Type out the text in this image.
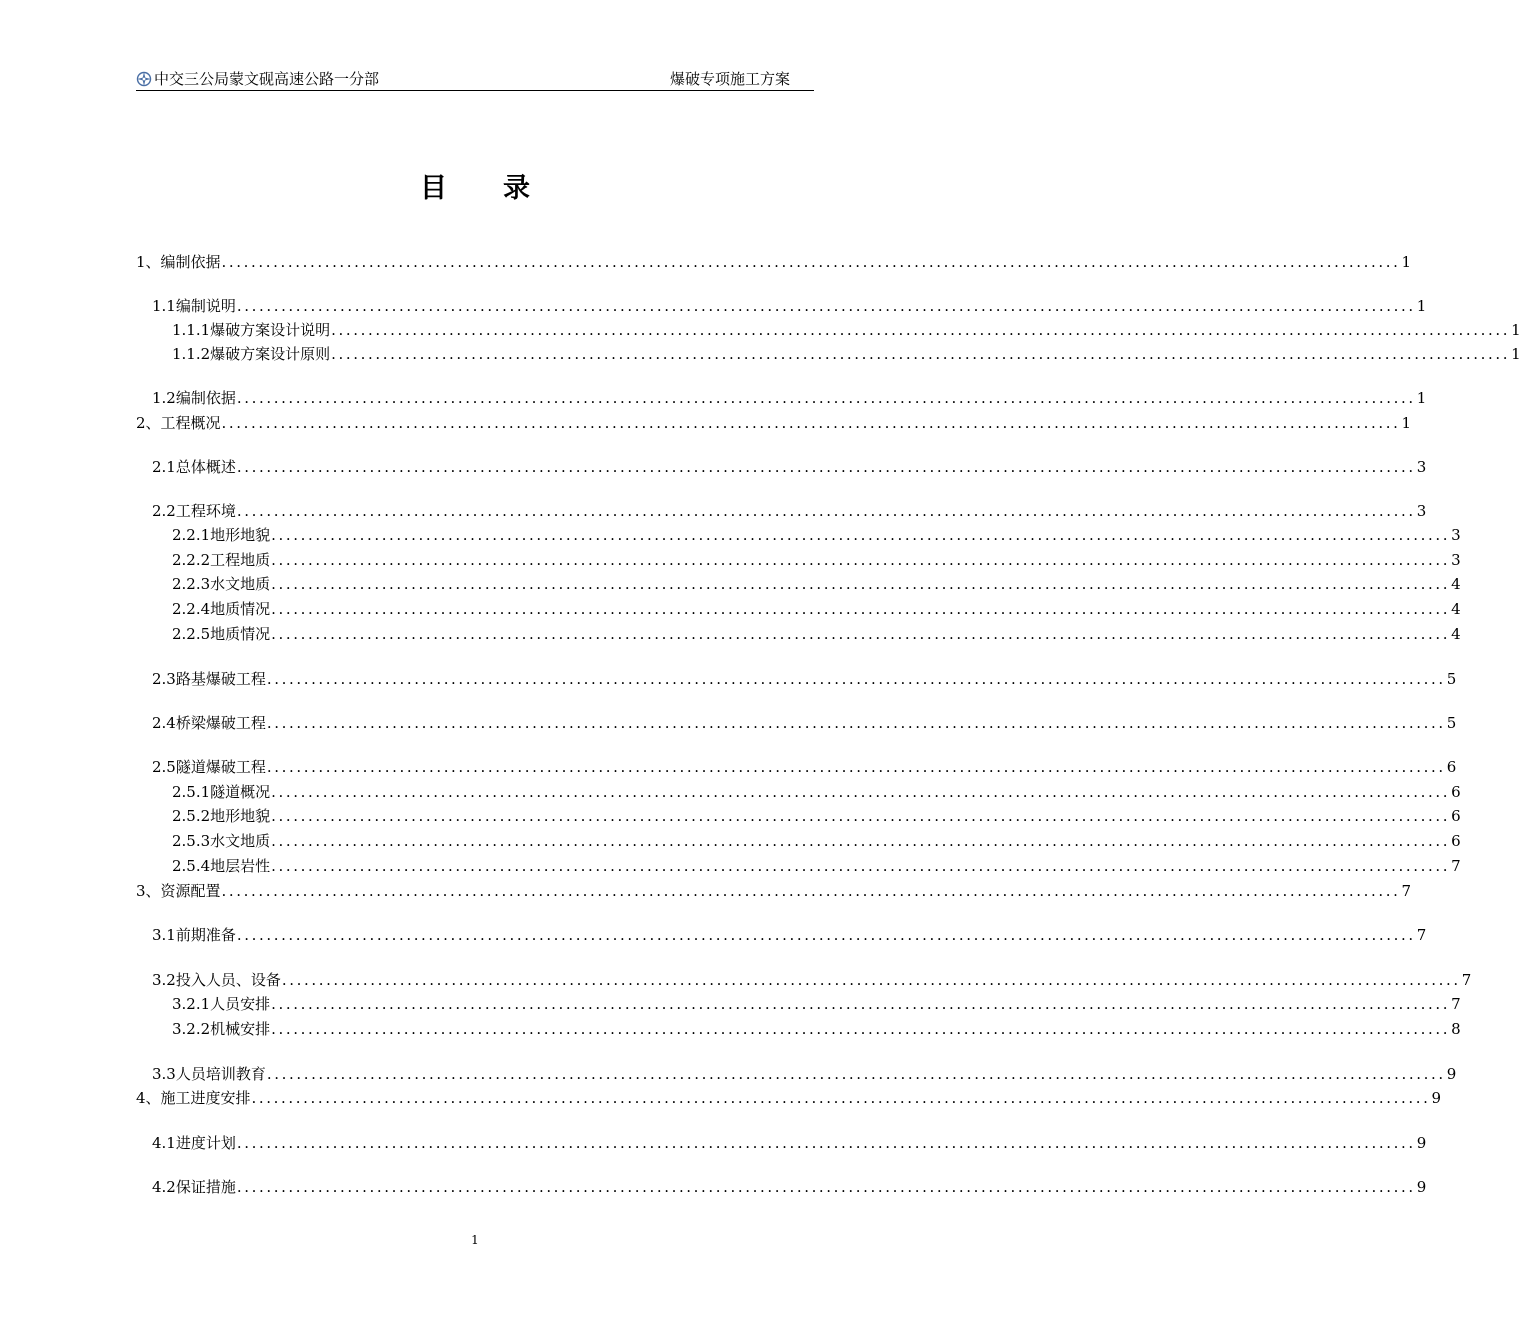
中交三公局蒙文砚高速公路一分部	爆破专项施工方案
目录
1、编制依据 ................................................................................................................................................................ 1
1.1编制说明 ................................................................................................................................................................ 1
1.1.1爆破方案设计说明 ................................................................................................................................................................ 1
1.1.2爆破方案设计原则 ................................................................................................................................................................ 1
1.2编制依据 ................................................................................................................................................................ 1
2、工程概况 ................................................................................................................................................................ 1
2.1总体概述 ................................................................................................................................................................ 3
2.2工程环境 ................................................................................................................................................................ 3
2.2.1地形地貌 ................................................................................................................................................................ 3
2.2.2工程地质 ................................................................................................................................................................ 3
2.2.3水文地质 ................................................................................................................................................................ 4
2.2.4地质情况 ................................................................................................................................................................ 4
2.2.5地质情况 ................................................................................................................................................................ 4
2.3路基爆破工程 ................................................................................................................................................................ 5
2.4桥梁爆破工程 ................................................................................................................................................................ 5
2.5隧道爆破工程 ................................................................................................................................................................ 6
2.5.1隧道概况 ................................................................................................................................................................ 6
2.5.2地形地貌 ................................................................................................................................................................ 6
2.5.3水文地质 ................................................................................................................................................................ 6
2.5.4地层岩性 ................................................................................................................................................................ 7
3、资源配置 ................................................................................................................................................................ 7
3.1前期准备 ................................................................................................................................................................ 7
3.2投入人员、设备 ................................................................................................................................................................ 7
3.2.1人员安排 ................................................................................................................................................................ 7
3.2.2机械安排 ................................................................................................................................................................ 8
3.3人员培训教育 ................................................................................................................................................................ 9
4、施工进度安排 ................................................................................................................................................................ 9
4.1进度计划 ................................................................................................................................................................ 9
4.2保证措施 ................................................................................................................................................................ 9
1
